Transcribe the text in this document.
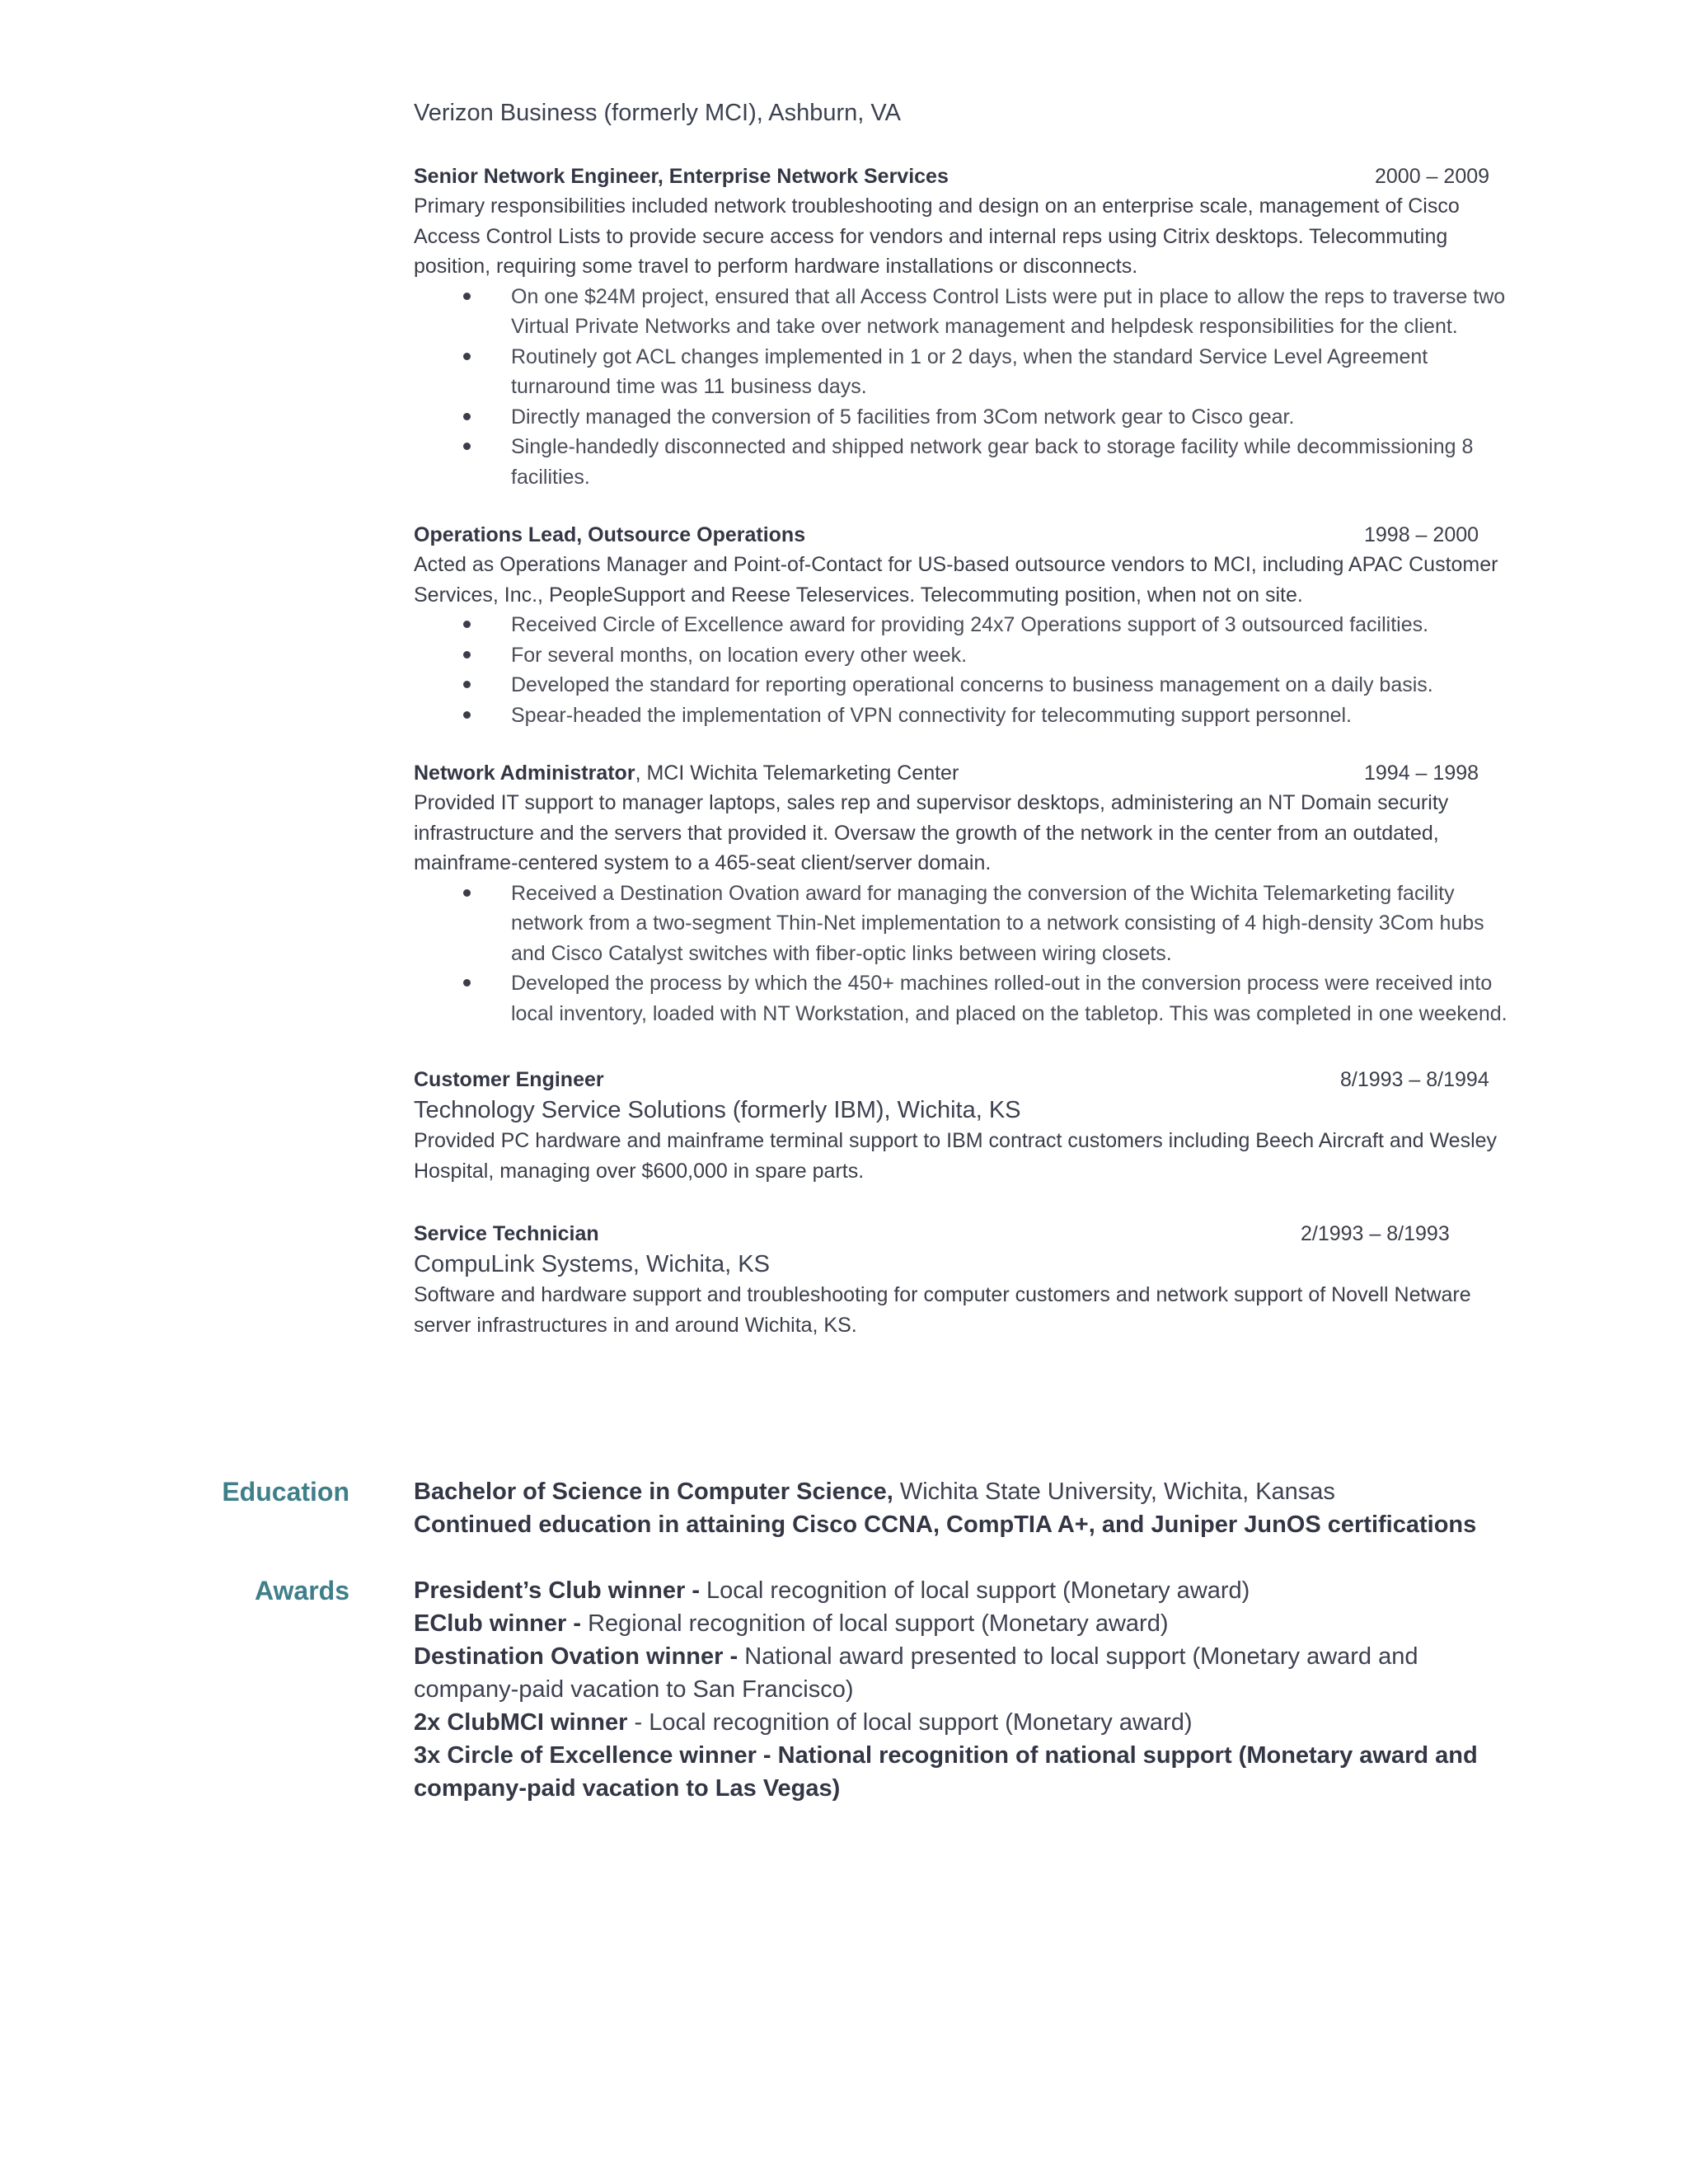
Verizon Business (formerly MCI), Ashburn, VA
Senior Network Engineer, Enterprise Network Services	2000 – 2009
Primary responsibilities included network troubleshooting and design on an enterprise scale, management of Cisco Access Control Lists to provide secure access for vendors and internal reps using Citrix desktops. Telecommuting position, requiring some travel to perform hardware installations or disconnects.
On one $24M project, ensured that all Access Control Lists were put in place to allow the reps to traverse two Virtual Private Networks and take over network management and helpdesk responsibilities for the client.
Routinely got ACL changes implemented in 1 or 2 days, when the standard Service Level Agreement turnaround time was 11 business days.
Directly managed the conversion of 5 facilities from 3Com network gear to Cisco gear.
Single-handedly disconnected and shipped network gear back to storage facility while decommissioning 8 facilities.
Operations Lead, Outsource Operations	1998 – 2000
Acted as Operations Manager and Point-of-Contact for US-based outsource vendors to MCI, including APAC Customer Services, Inc., PeopleSupport and Reese Teleservices. Telecommuting position, when not on site.
Received Circle of Excellence award for providing 24x7 Operations support of 3 outsourced facilities.
For several months, on location every other week.
Developed the standard for reporting operational concerns to business management on a daily basis.
Spear-headed the implementation of VPN connectivity for telecommuting support personnel.
Network Administrator, MCI Wichita Telemarketing Center	1994 – 1998
Provided IT support to manager laptops, sales rep and supervisor desktops, administering an NT Domain security infrastructure and the servers that provided it. Oversaw the growth of the network in the center from an outdated, mainframe-centered system to a 465-seat client/server domain.
Received a Destination Ovation award for managing the conversion of the Wichita Telemarketing facility network from a two-segment Thin-Net implementation to a network consisting of 4 high-density 3Com hubs and Cisco Catalyst switches with fiber-optic links between wiring closets.
Developed the process by which the 450+ machines rolled-out in the conversion process were received into local inventory, loaded with NT Workstation, and placed on the tabletop. This was completed in one weekend.
Customer Engineer	8/1993 – 8/1994
Technology Service Solutions (formerly IBM), Wichita, KS
Provided PC hardware and mainframe terminal support to IBM contract customers including Beech Aircraft and Wesley Hospital, managing over $600,000 in spare parts.
Service Technician	2/1993 – 8/1993
CompuLink Systems, Wichita, KS
Software and hardware support and troubleshooting for computer customers and network support of Novell Netware server infrastructures in and around Wichita, KS.
Education	Bachelor of Science in Computer Science, Wichita State University, Wichita, Kansas
Continued education in attaining Cisco CCNA, CompTIA A+, and Juniper JunOS certifications
Awards	President’s Club winner - Local recognition of local support (Monetary award)
EClub winner - Regional recognition of local support (Monetary award)
Destination Ovation winner - National award presented to local support (Monetary award and company-paid vacation to San Francisco)
2x ClubMCI winner - Local recognition of local support (Monetary award)
3x Circle of Excellence winner - National recognition of national support (Monetary award and company-paid vacation to Las Vegas)
